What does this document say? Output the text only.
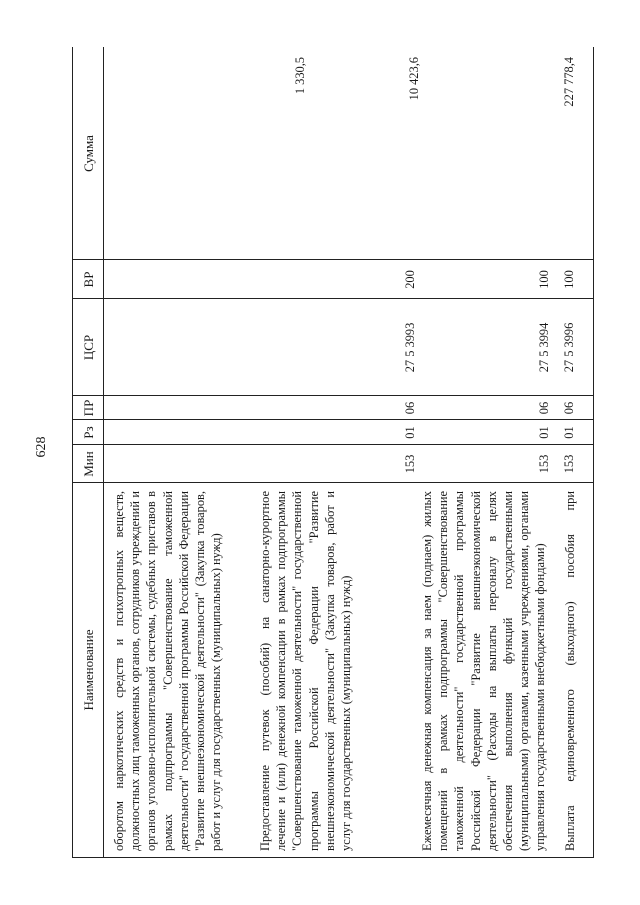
628
Наименование
Мин
Рз
ПР
ЦСР
ВР
Сумма
оборотом наркотических средств и психотропных веществ, должностных лиц таможенных органов, сотрудников учреждений и органов уголовно-исполнительной системы, судебных приставов в рамках подпрограммы "Совершенствование таможенной деятельности" государственной программы Российской Федерации "Развитие внешнеэкономической деятельности" (Закупка товаров, работ и услуг для государственных (муниципальных) нужд)	Предоставление путевок (пособий) на санаторно-курортное лечение и (или) денежной компенсации в рамках подпрограммы "Совершенствование таможенной деятельности" государственной программы Российской Федерации "Развитие внешнеэкономической деятельности" (Закупка товаров, работ и услуг для государственных (муниципальных) нужд)
153
01
06
27 5 3993
200
1 330,5
Ежемесячная денежная компенсация за наем (поднаем) жилых помещений в рамках подпрограммы "Совершенствование таможенной деятельности" государственной программы Российской Федерации "Развитие внешнеэкономической деятельности" (Расходы на выплаты персоналу в целях обеспечения выполнения функций государственными (муниципальными) органами, казенными учреждениями, органами управления государственными внебюджетными фондами)
153
01
06
27 5 3994
100
10 423,6
Выплата единовременного (выходного) пособия при
153
01
06
27 5 3996
100
227 778,4
